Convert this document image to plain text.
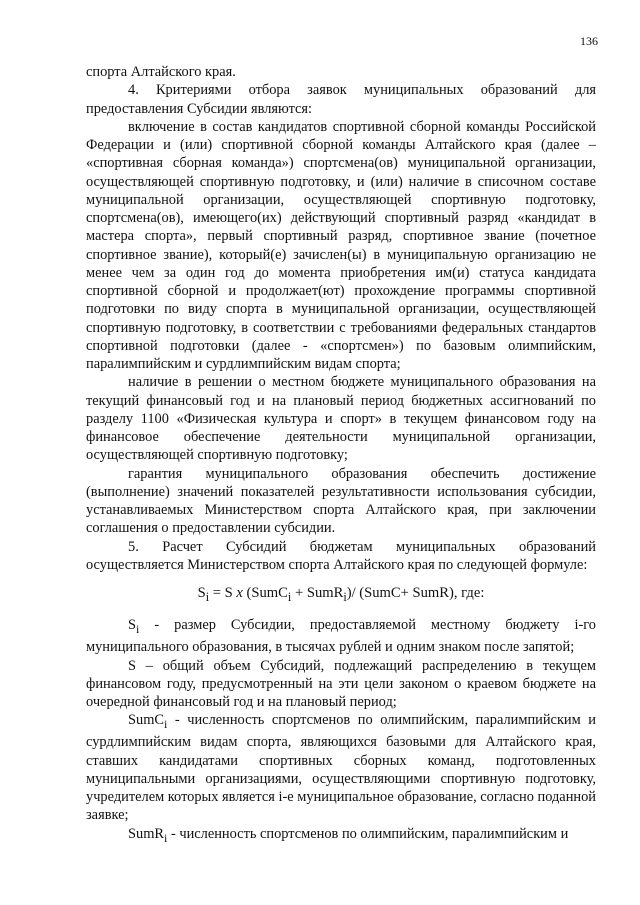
136

спорта Алтайского края.

4. Критериями отбора заявок муниципальных образований для предоставления Субсидии являются:

включение в состав кандидатов спортивной сборной команды Российской Федерации и (или) спортивной сборной команды Алтайского края (далее – «спортивная сборная команда») спортсмена(ов) муниципальной организации, осуществляющей спортивную подготовку, и (или) наличие в списочном составе муниципальной организации, осуществляющей спортивную подготовку, спортсмена(ов), имеющего(их) действующий спортивный разряд «кандидат в мастера спорта», первый спортивный разряд, спортивное звание (почетное спортивное звание), который(е) зачислен(ы) в муниципальную организацию не менее чем за один год до момента приобретения им(и) статуса кандидата спортивной сборной и продолжает(ют) прохождение программы спортивной подготовки по виду спорта в муниципальной организации, осуществляющей спортивную подготовку, в соответствии с требованиями федеральных стандартов спортивной подготовки (далее - «спортсмен») по базовым олимпийским, паралимпийским и сурдлимпийским видам спорта;

наличие в решении о местном бюджете муниципального образования на текущий финансовый год и на плановый период бюджетных ассигнований по разделу 1100 «Физическая культура и спорт» в текущем финансовом году на финансовое обеспечение деятельности муниципальной организации, осуществляющей спортивную подготовку;

гарантия муниципального образования обеспечить достижение (выполнение) значений показателей результативности использования субсидии, устанавливаемых Министерством спорта Алтайского края, при заключении соглашения о предоставлении субсидии.

5. Расчет Субсидий бюджетам муниципальных образований осуществляется Министерством спорта Алтайского края по следующей формуле:

$S_i = S$ x (SumC$_i$ + SumR$_i$)/ (SumC+ SumR), где:

$S_i$ - размер Субсидии, предоставляемой местному бюджету i-го муниципального образования, в тысячах рублей и одним знаком после запятой;

S – общий объем Субсидий, подлежащий распределению в текущем финансовом году, предусмотренный на эти цели законом о краевом бюджете на очередной финансовый год и на плановый период;

SumC$_i$ - численность спортсменов по олимпийским, паралимпийским и сурдлимпийским видам спорта, являющихся базовыми для Алтайского края, ставших кандидатами спортивных сборных команд, подготовленных муниципальными организациями, осуществляющими спортивную подготовку, учредителем которых является i-е муниципальное образование, согласно поданной заявке;

SumR$_i$ - численность спортсменов по олимпийским, паралимпийским и
